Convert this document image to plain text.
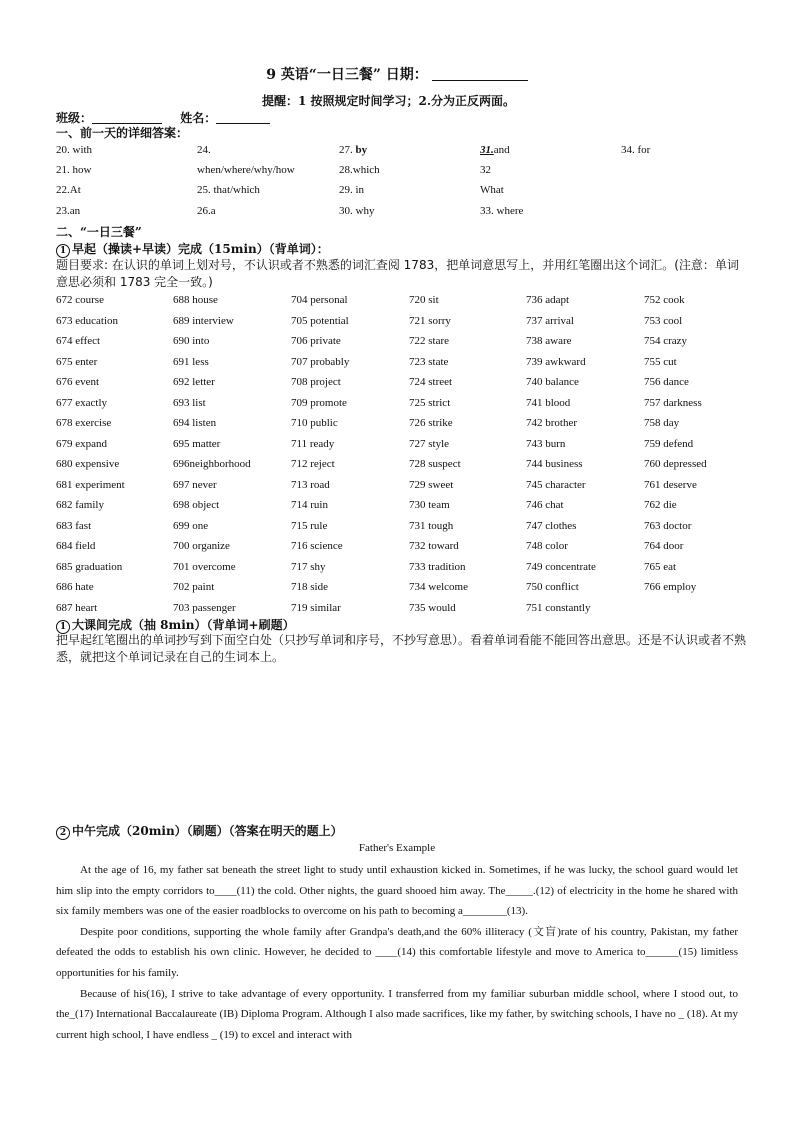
9 英语“一日三餐” 日期：
提醒：1 按照规定时间学习；2.分为正反两面。
班级：	姓名：
一、前一天的详细答案：
20. with	24.	27. by	31.and	34. for
21. how	when/where/why/how	28.which	32
22.At	25. that/which	29. in	What
23.an	26.a	30. why	33. where
二、“一日三餐”
1 早起（操读+早读）完成（15min）（背单词）：
题目要求: 在认识的单词上划对号，不认识或者不熟悉的词汇查阅 1783，把单词意思写上，并用红笔圈出这个词汇。(注意：单词意思必须和 1783 完全一致。)
672 course	688 house	704 personal	720 sit	736 adapt	752 cook
673 education	689 interview	705 potential	721 sorry	737 arrival	753 cool
674 effect	690 into	706 private	722 stare	738 aware	754 crazy
675 enter	691 less	707 probably	723 state	739 awkward	755 cut
676 event	692 letter	708 project	724 street	740 balance	756 dance
677 exactly	693 list	709 promote	725 strict	741 blood	757 darkness
678 exercise	694 listen	710 public	726 strike	742 brother	758 day
679 expand	695 matter	711 ready	727 style	743 burn	759 defend
680 expensive	696neighborhood	712 reject	728 suspect	744 business	760 depressed
681 experiment	697 never	713 road	729 sweet	745 character	761 deserve
682 family	698 object	714 ruin	730 team	746 chat	762 die
683 fast	699 one	715 rule	731 tough	747 clothes	763 doctor
684 field	700 organize	716 science	732 toward	748 color	764 door
685 graduation	701 overcome	717 shy	733 tradition	749 concentrate	765 eat
686 hate	702 paint	718 side	734 welcome	750 conflict	766 employ
687 heart	703 passenger	719 similar	735 would	751 constantly
1 大课间完成（抽 8min）（背单词+刷题）
把早起红笔圈出的单词抄写到下面空白处（只抄写单词和序号，不抄写意思）。看着单词看能不能回答出意思。还是不认识或者不熟悉，就把这个单词记录在自己的生词本上。
2 中午完成（20min）（刷题）（答案在明天的题上）
Father's Example

At the age of 16, my father sat beneath the street light to study until exhaustion kicked in. Sometimes, if he was lucky, the school guard would let him slip into the empty corridors to____(11) the cold. Other nights, the guard shooed him away. The_____.(12) of electricity in the home he shared with six family members was one of the easier roadblocks to overcome on his path to becoming a________(13).

Despite poor conditions, supporting the whole family after Grandpa's death,and the 60% illiteracy (文盲)rate of his country, Pakistan, my father defeated the odds to establish his own clinic. However, he decided to ____(14) this comfortable lifestyle and move to America to______(15) limitless opportunities for his family.

Because of his(16), I strive to take advantage of every opportunity. I transferred from my familiar suburban middle school, where I stood out, to the_(17) International Baccalaureate (IB) Diploma Program. Although I also made sacrifices, like my father, by switching schools, I have no _ (18). At my current high school, I have endless _ (19) to excel and interact with
